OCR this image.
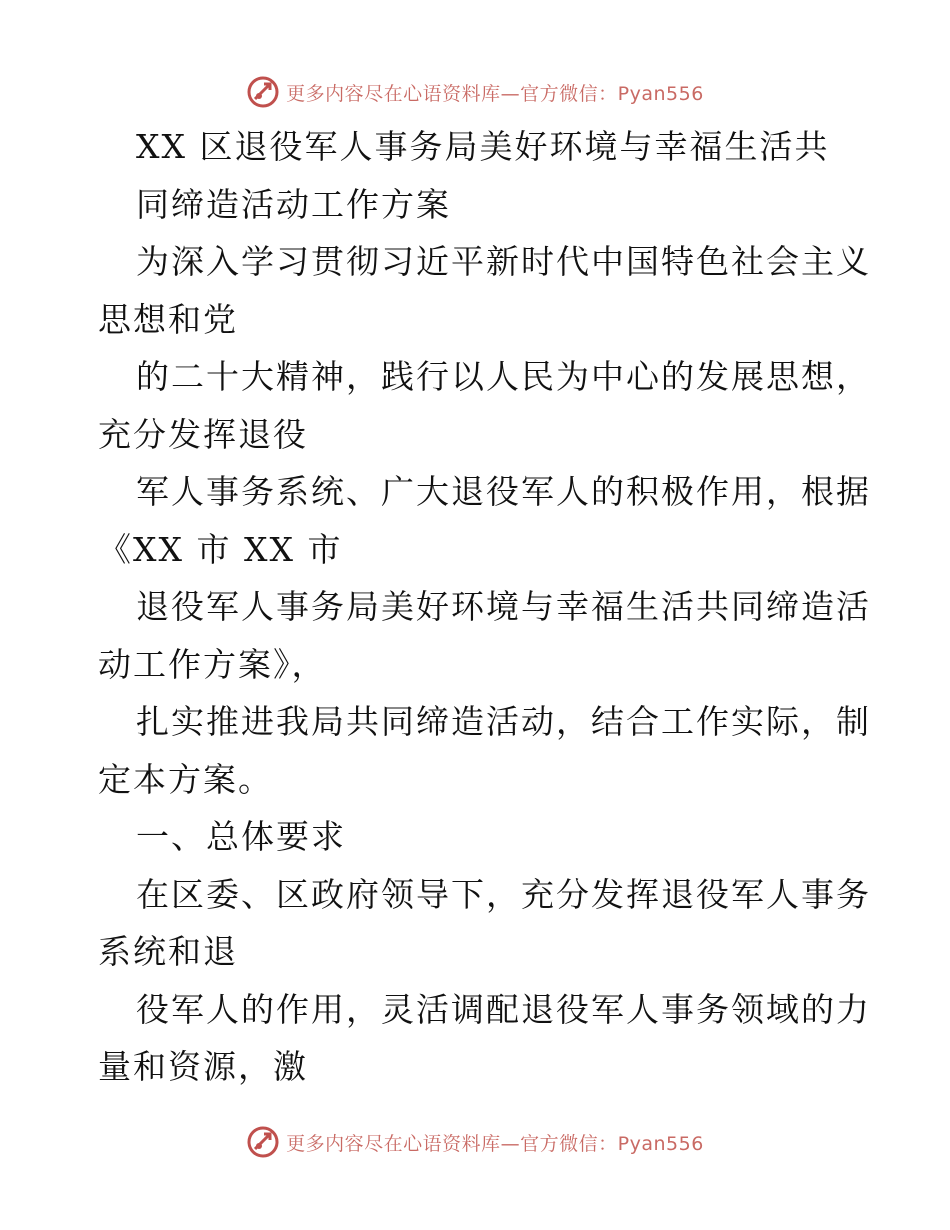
更多内容尽在心语资料库—官方微信：Pyan556
XX 区退役军人事务局美好环境与幸福生活共
同缔造活动工作方案
为深入学习贯彻习近平新时代中国特色社会主义
思想和党
的二十大精神，践行以人民为中心的发展思想，
充分发挥退役
军人事务系统、广大退役军人的积极作用，根据
《XX 市 XX 市
退役军人事务局美好环境与幸福生活共同缔造活
动工作方案》，
扎实推进我局共同缔造活动，结合工作实际，制
定本方案。
一、总体要求
在区委、区政府领导下，充分发挥退役军人事务
系统和退
役军人的作用，灵活调配退役军人事务领域的力
量和资源，激
更多内容尽在心语资料库—官方微信：Pyan556
